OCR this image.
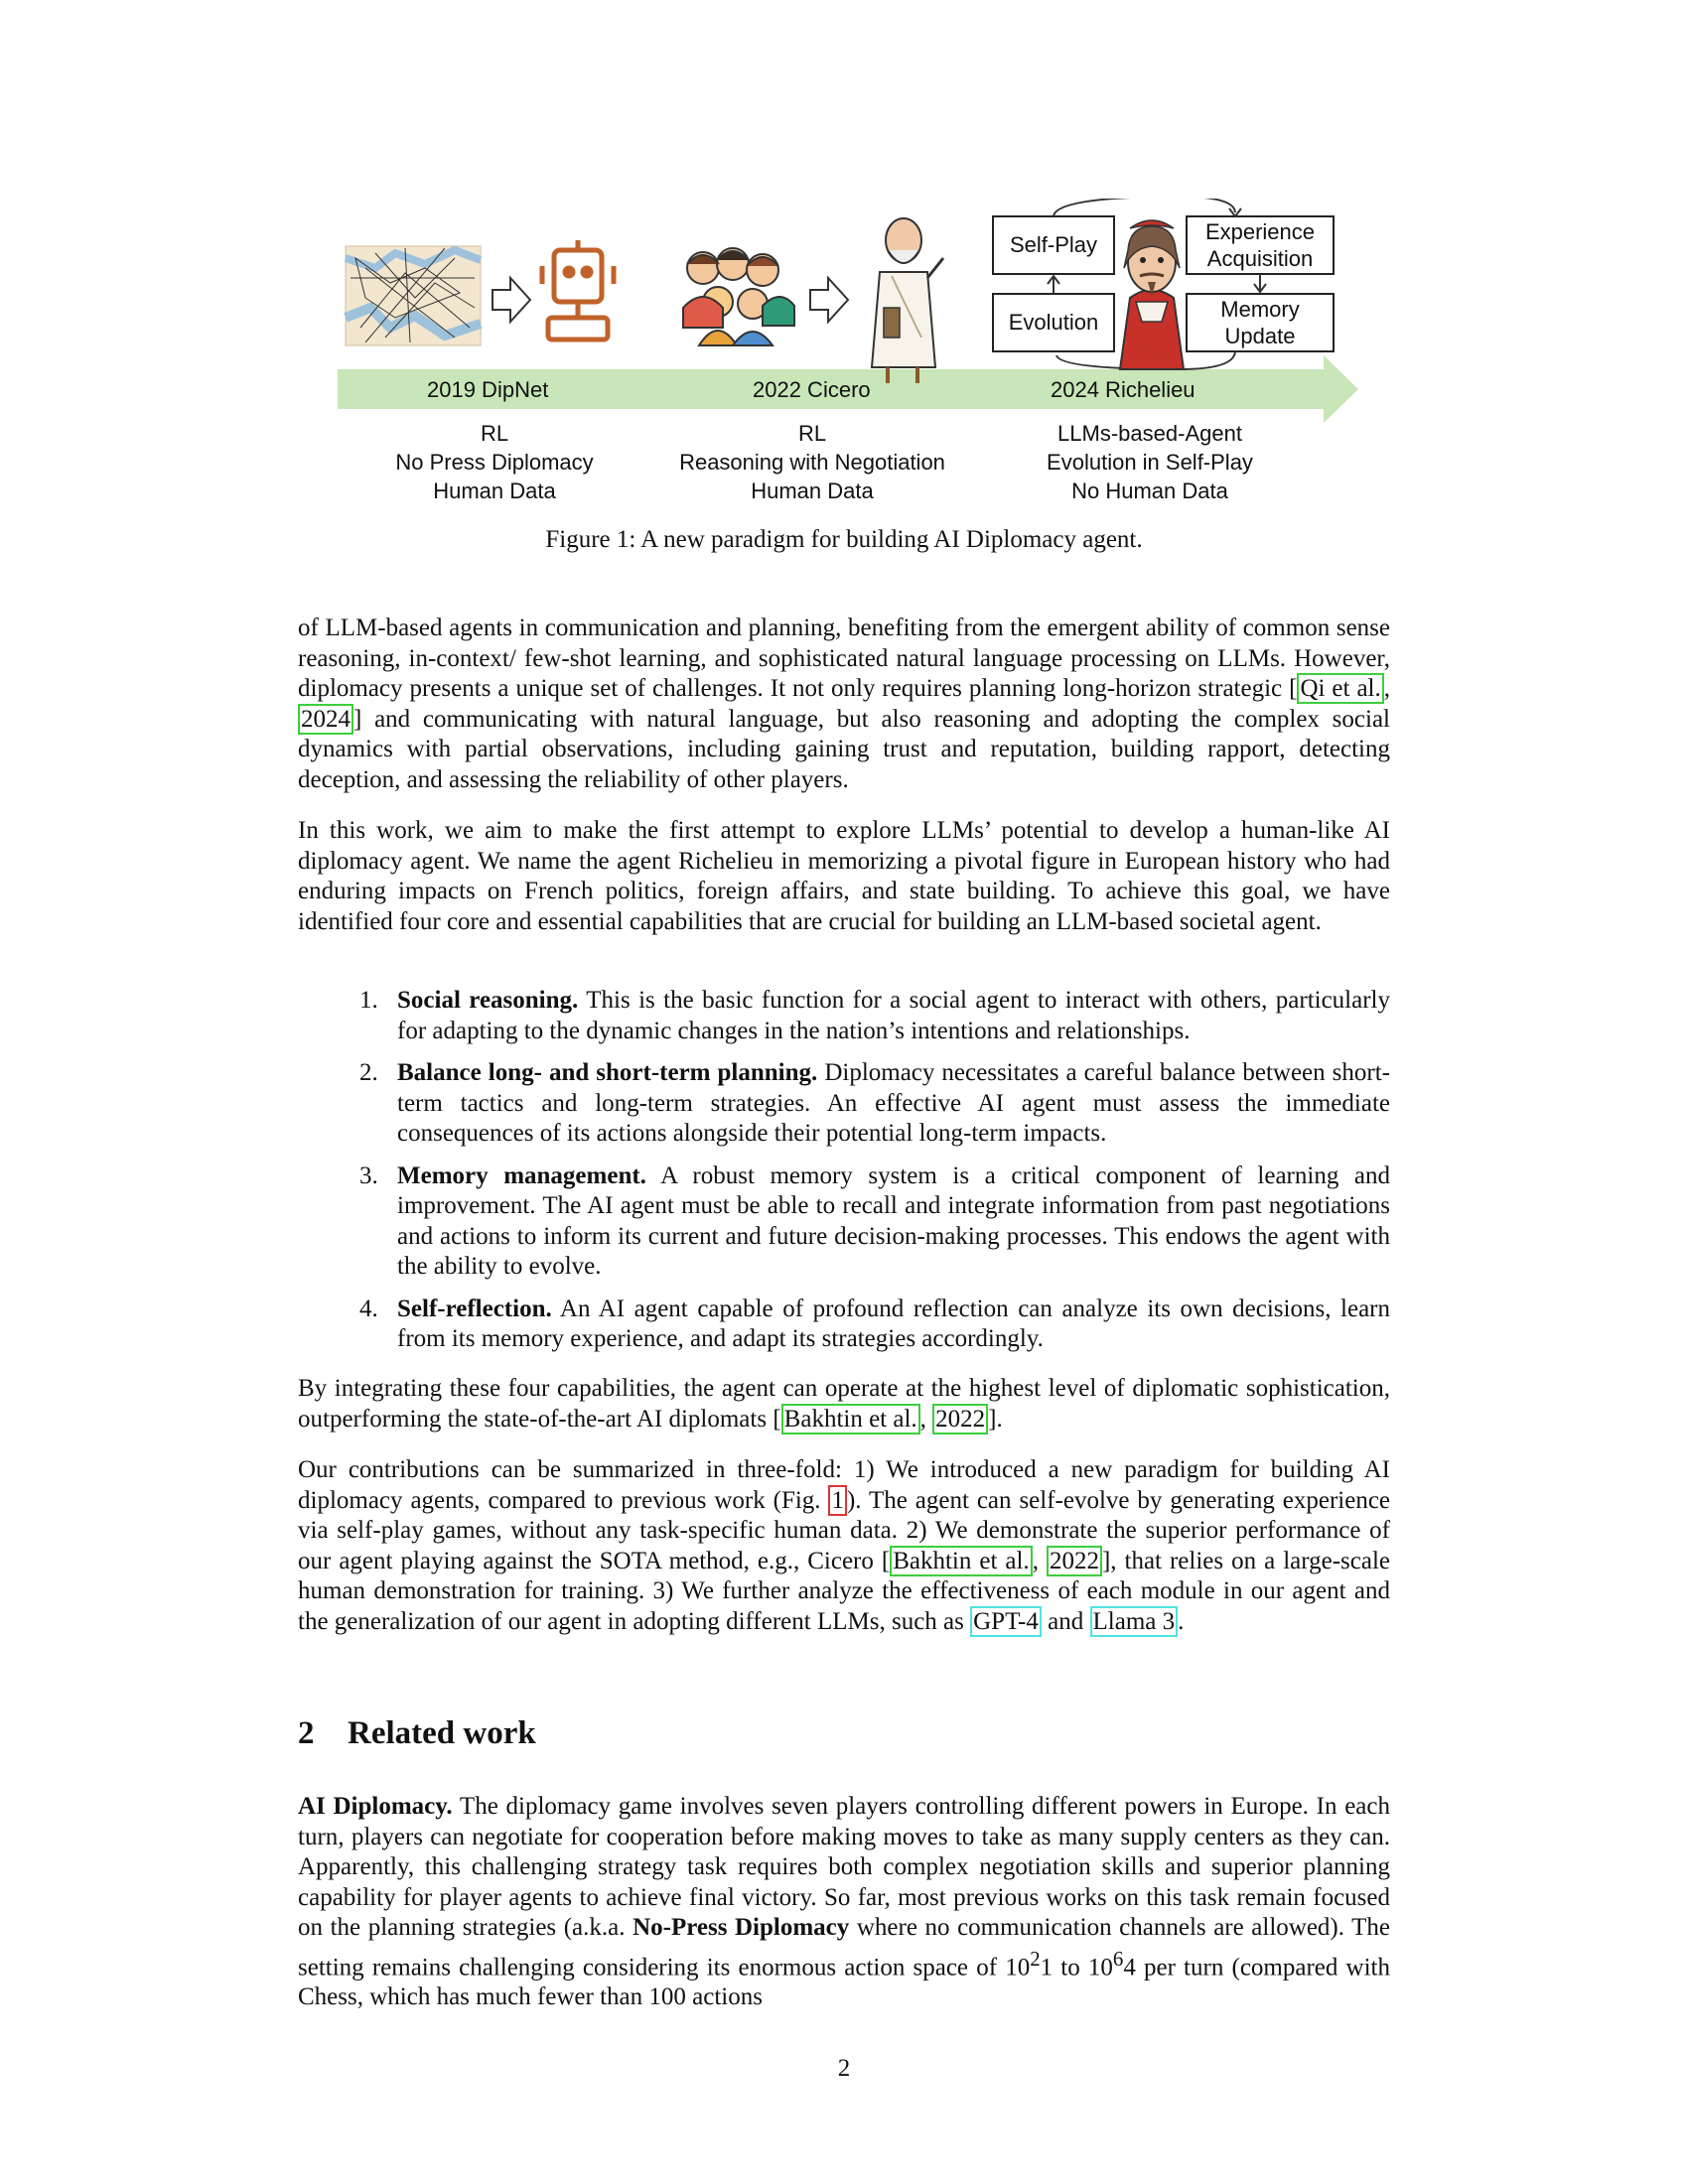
2019 DipNet	2022 Cicero	2024 Richelieu
Self-Play
Evolution
Experience Acquisition
Memory Update
RL
No Press Diplomacy
Human Data
RL
Reasoning with Negotiation
Human Data
LLMs-based-Agent
Evolution in Self-Play
No Human Data
Figure 1: A new paradigm for building AI Diplomacy agent.

of LLM-based agents in communication and planning, benefiting from the emergent ability of common sense reasoning, in-context/ few-shot learning, and sophisticated natural language processing on LLMs. However, diplomacy presents a unique set of challenges. It not only requires planning long-horizon strategic [ Qi et al. , 2024 ] and communicating with natural language, but also reasoning and adopting the complex social dynamics with partial observations, including gaining trust and reputation, building rapport, detecting deception, and assessing the reliability of other players.

In this work, we aim to make the first attempt to explore LLMs’ potential to develop a human-like AI diplomacy agent. We name the agent Richelieu in memorizing a pivotal figure in European history who had enduring impacts on French politics, foreign affairs, and state building. To achieve this goal, we have identified four core and essential capabilities that are crucial for building an LLM-based societal agent.

1. Social reasoning. This is the basic function for a social agent to interact with others, particularly for adapting to the dynamic changes in the nation’s intentions and relationships.
2. Balance long- and short-term planning. Diplomacy necessitates a careful balance between short-term tactics and long-term strategies. An effective AI agent must assess the immediate consequences of its actions alongside their potential long-term impacts.
3. Memory management. A robust memory system is a critical component of learning and improvement. The AI agent must be able to recall and integrate information from past negotiations and actions to inform its current and future decision-making processes. This endows the agent with the ability to evolve.
4. Self-reflection. An AI agent capable of profound reflection can analyze its own decisions, learn from its memory experience, and adapt its strategies accordingly.

By integrating these four capabilities, the agent can operate at the highest level of diplomatic sophistication, outperforming the state-of-the-art AI diplomats [ Bakhtin et al. , 2022 ].

Our contributions can be summarized in three-fold: 1) We introduced a new paradigm for building AI diplomacy agents, compared to previous work (Fig. 1 ). The agent can self-evolve by generating experience via self-play games, without any task-specific human data. 2) We demonstrate the superior performance of our agent playing against the SOTA method, e.g., Cicero [ Bakhtin et al. , 2022 ], that relies on a large-scale human demonstration for training. 3) We further analyze the effectiveness of each module in our agent and the generalization of our agent in adopting different LLMs, such as GPT-4 and Llama 3 .

2 Related work

AI Diplomacy. The diplomacy game involves seven players controlling different powers in Europe. In each turn, players can negotiate for cooperation before making moves to take as many supply centers as they can. Apparently, this challenging strategy task requires both complex negotiation skills and superior planning capability for player agents to achieve final victory. So far, most previous works on this task remain focused on the planning strategies (a.k.a. No-Press Diplomacy where no communication channels are allowed). The setting remains challenging considering its enormous action space of $10^21$ to $10^64$ per turn (compared with Chess, which has much fewer than 100 actions

2
